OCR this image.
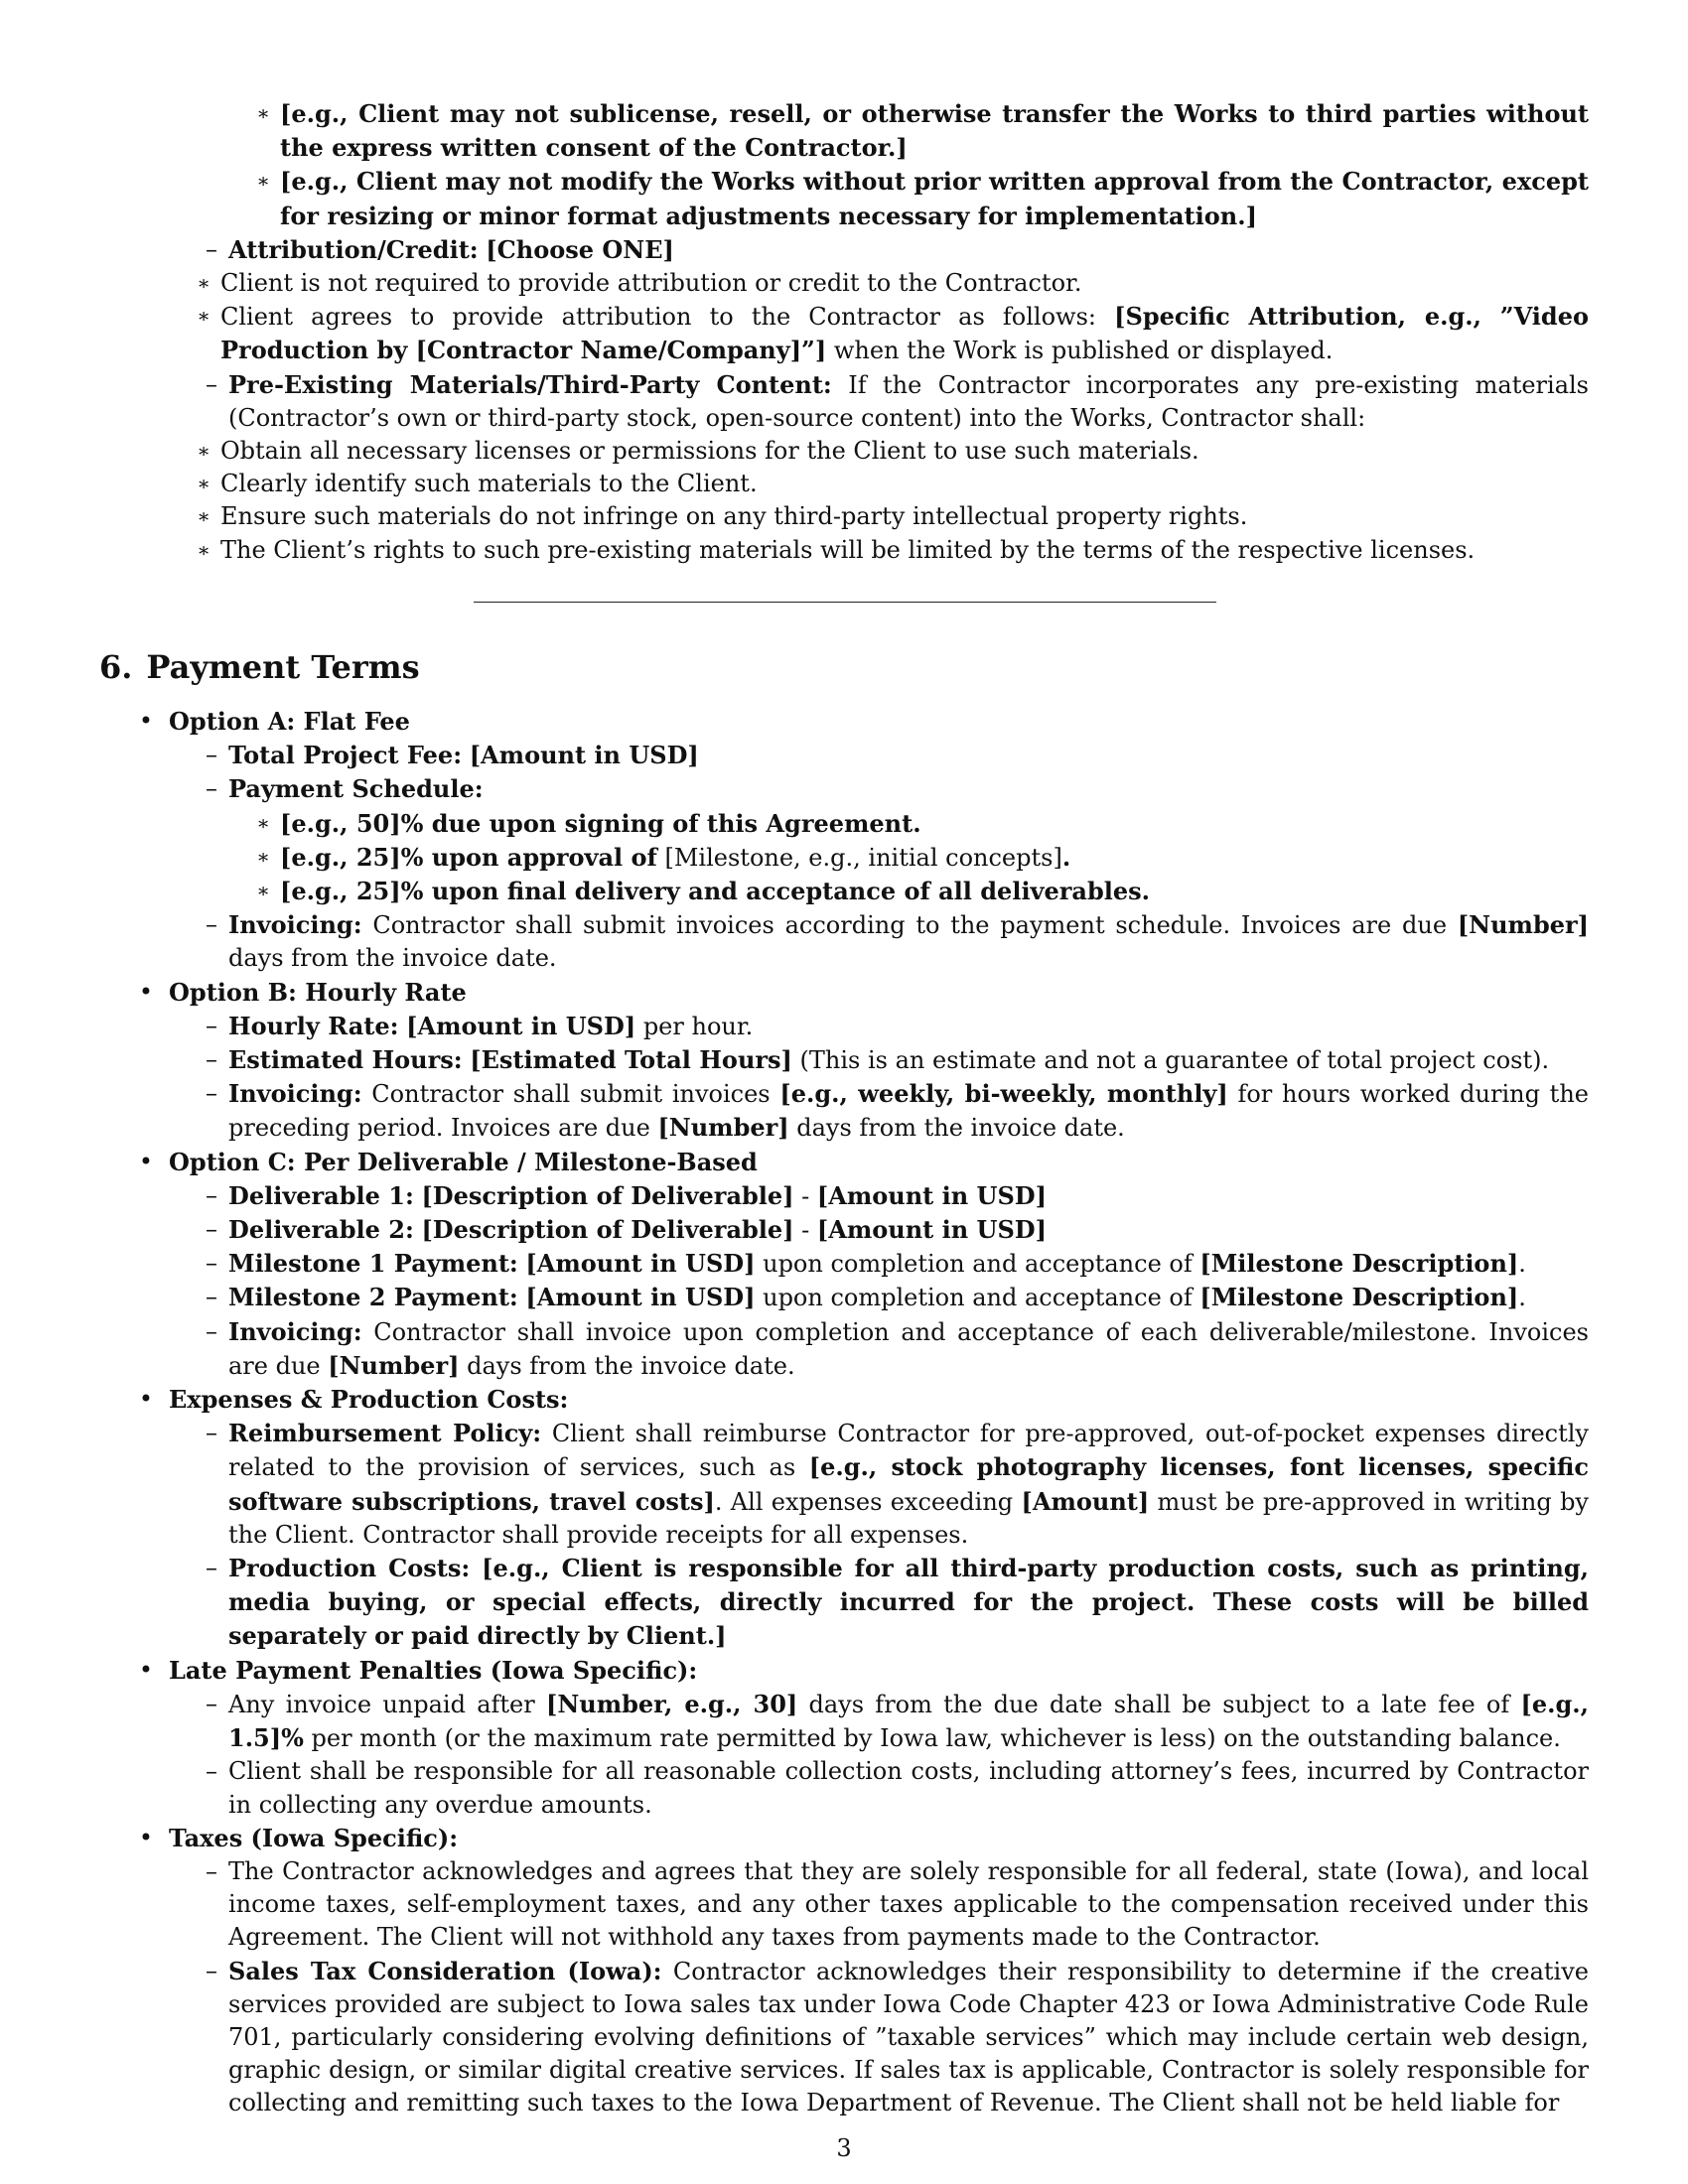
∗ [e.g., Client may not sublicense, resell, or otherwise transfer the Works to third parties without the express written consent of the Contractor.]
∗ [e.g., Client may not modify the Works without prior written approval from the Contractor, except for resizing or minor format adjustments necessary for implementation.]
– Attribution/Credit: [Choose ONE]
∗ Client is not required to provide attribution or credit to the Contractor.
∗ Client agrees to provide attribution to the Contractor as follows: [Specific Attribution, e.g., ”Video Production by [Contractor Name/Company]”] when the Work is published or displayed.
– Pre-Existing Materials/Third-Party Content: If the Contractor incorporates any pre-existing materials (Contractor’s own or third-party stock, open-source content) into the Works, Contractor shall:
∗ Obtain all necessary licenses or permissions for the Client to use such materials.
∗ Clearly identify such materials to the Client.
∗ Ensure such materials do not infringe on any third-party intellectual property rights.
∗ The Client’s rights to such pre-existing materials will be limited by the terms of the respective licenses.
6. Payment Terms
• Option A: Flat Fee
– Total Project Fee: [Amount in USD]
– Payment Schedule:
∗ [e.g., 50]% due upon signing of this Agreement.
∗ [e.g., 25]% upon approval of [Milestone, e.g., initial concepts].
∗ [e.g., 25]% upon final delivery and acceptance of all deliverables.
– Invoicing: Contractor shall submit invoices according to the payment schedule. Invoices are due [Number] days from the invoice date.
• Option B: Hourly Rate
– Hourly Rate: [Amount in USD] per hour.
– Estimated Hours: [Estimated Total Hours] (This is an estimate and not a guarantee of total project cost).
– Invoicing: Contractor shall submit invoices [e.g., weekly, bi-weekly, monthly] for hours worked during the preceding period. Invoices are due [Number] days from the invoice date.
• Option C: Per Deliverable / Milestone-Based
– Deliverable 1: [Description of Deliverable] - [Amount in USD]
– Deliverable 2: [Description of Deliverable] - [Amount in USD]
– Milestone 1 Payment: [Amount in USD] upon completion and acceptance of [Milestone Description].
– Milestone 2 Payment: [Amount in USD] upon completion and acceptance of [Milestone Description].
– Invoicing: Contractor shall invoice upon completion and acceptance of each deliverable/milestone. Invoices are due [Number] days from the invoice date.
• Expenses & Production Costs:
– Reimbursement Policy: Client shall reimburse Contractor for pre-approved, out-of-pocket expenses directly related to the provision of services, such as [e.g., stock photography licenses, font licenses, specific software subscriptions, travel costs]. All expenses exceeding [Amount] must be pre-approved in writing by the Client. Contractor shall provide receipts for all expenses.
– Production Costs: [e.g., Client is responsible for all third-party production costs, such as printing, media buying, or special effects, directly incurred for the project. These costs will be billed separately or paid directly by Client.]
• Late Payment Penalties (Iowa Specific):
– Any invoice unpaid after [Number, e.g., 30] days from the due date shall be subject to a late fee of [e.g., 1.5]% per month (or the maximum rate permitted by Iowa law, whichever is less) on the outstanding balance.
– Client shall be responsible for all reasonable collection costs, including attorney’s fees, incurred by Contractor in collecting any overdue amounts.
• Taxes (Iowa Specific):
– The Contractor acknowledges and agrees that they are solely responsible for all federal, state (Iowa), and local income taxes, self-employment taxes, and any other taxes applicable to the compensation received under this Agreement. The Client will not withhold any taxes from payments made to the Contractor.
– Sales Tax Consideration (Iowa): Contractor acknowledges their responsibility to determine if the creative services provided are subject to Iowa sales tax under Iowa Code Chapter 423 or Iowa Administrative Code Rule 701, particularly considering evolving definitions of ”taxable services” which may include certain web design, graphic design, or similar digital creative services. If sales tax is applicable, Contractor is solely responsible for collecting and remitting such taxes to the Iowa Department of Revenue. The Client shall not be held liable for
3
